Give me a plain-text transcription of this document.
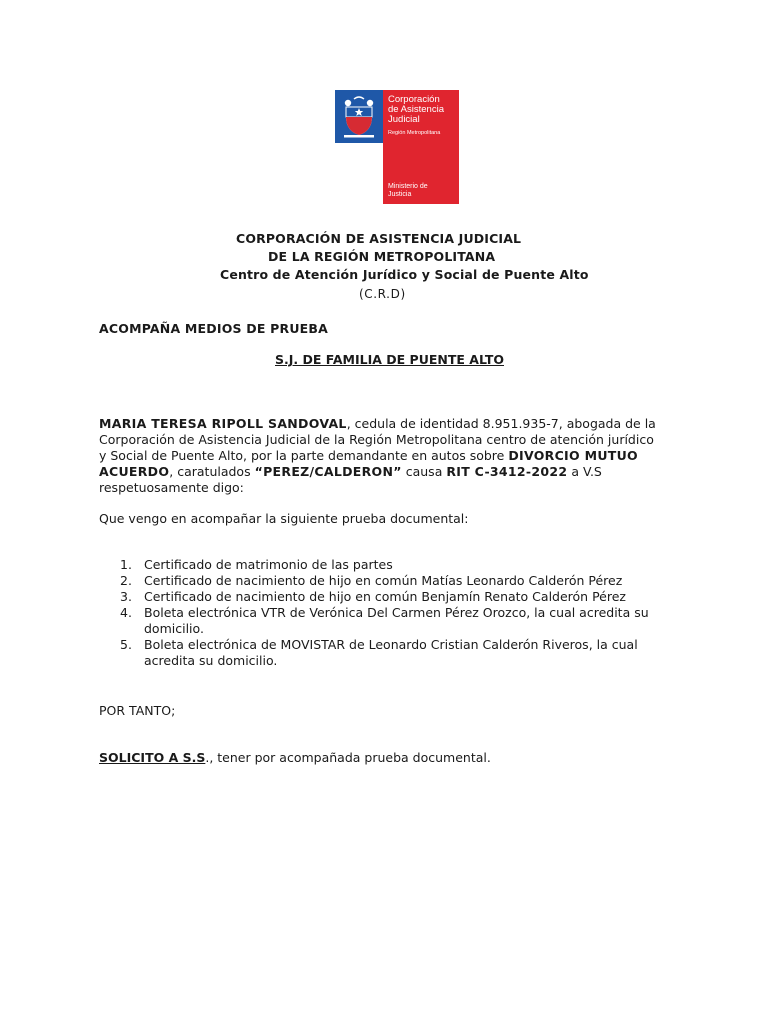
Corporación
de Asistencia
Judicial
Región Metropolitana
Ministerio de
Justicia
CORPORACIÓN DE ASISTENCIA JUDICIAL
DE LA REGIÓN METROPOLITANA
Centro de Atención Jurídico y Social de Puente Alto
(C.R.D)
ACOMPAÑA MEDIOS DE PRUEBA
S.J. DE FAMILIA DE PUENTE ALTO
MARIA TERESA RIPOLL SANDOVAL, cedula de identidad 8.951.935-7, abogada de la Corporación de Asistencia Judicial de la Región Metropolitana centro de atención jurídico y Social de Puente Alto, por la parte demandante en autos sobre DIVORCIO MUTUO ACUERDO, caratulados “PEREZ/CALDERON” causa RIT C-3412-2022 a V.S respetuosamente digo:
Que vengo en acompañar la siguiente prueba documental:
1. Certificado de matrimonio de las partes
2. Certificado de nacimiento de hijo en común Matías Leonardo Calderón Pérez
3. Certificado de nacimiento de hijo en común Benjamín Renato Calderón Pérez
4. Boleta electrónica VTR de Verónica Del Carmen Pérez Orozco, la cual acredita su domicilio.
5. Boleta electrónica de MOVISTAR de Leonardo Cristian Calderón Riveros, la cual acredita su domicilio.
POR TANTO;
SOLICITO A S.S., tener por acompañada prueba documental.
